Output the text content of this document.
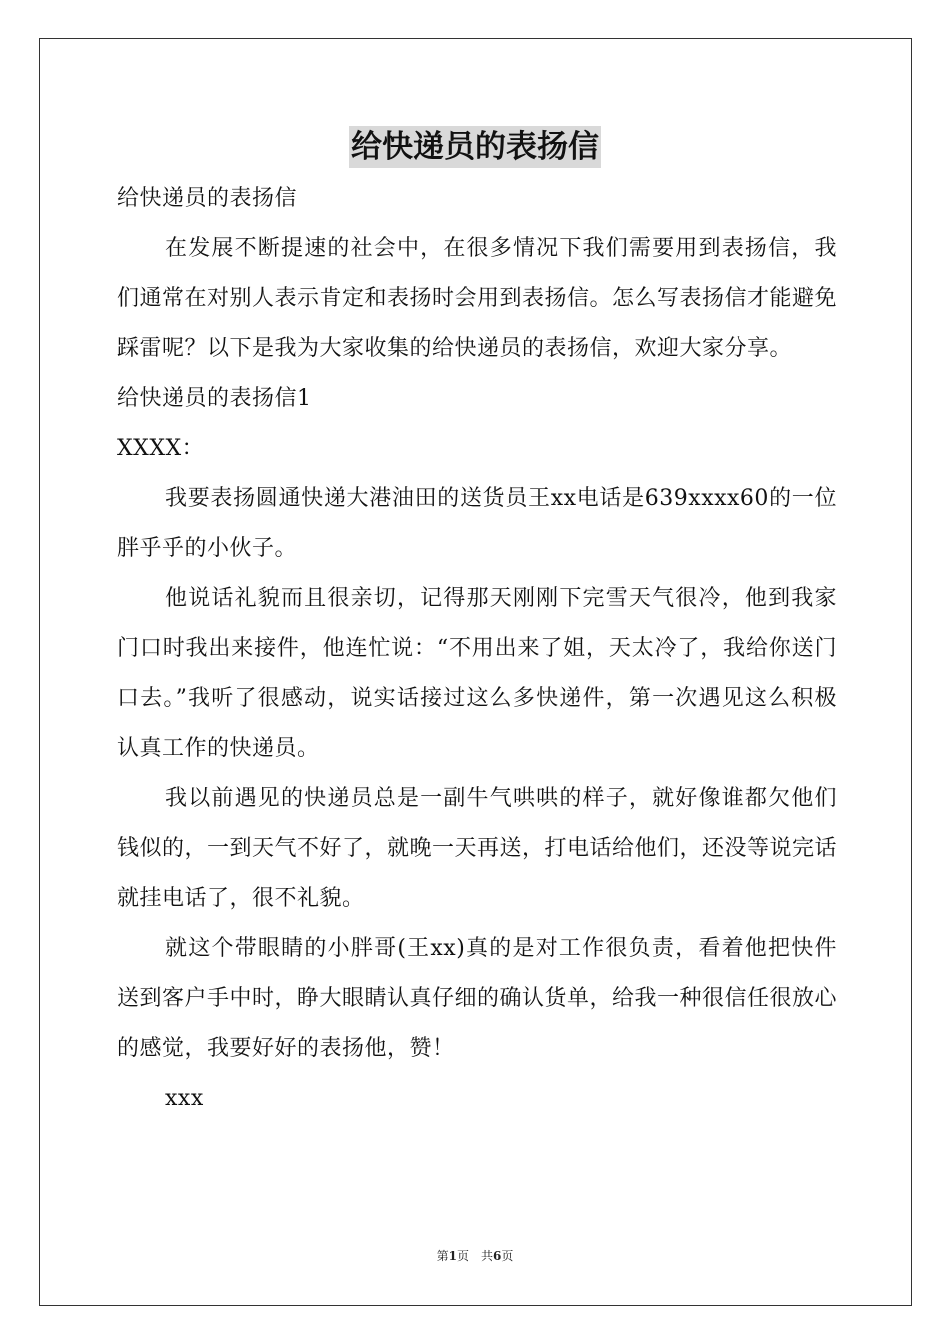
给快递员的表扬信

给快递员的表扬信

在发展不断提速的社会中，在很多情况下我们需要用到表扬信，我们通常在对别人表示肯定和表扬时会用到表扬信。怎么写表扬信才能避免踩雷呢？以下是我为大家收集的给快递员的表扬信，欢迎大家分享。

给快递员的表扬信1

XXXX：

我要表扬圆通快递大港油田的送货员王xx电话是639xxxx60的一位胖乎乎的小伙子。

他说话礼貌而且很亲切，记得那天刚刚下完雪天气很冷，他到我家门口时我出来接件，他连忙说：“不用出来了姐，天太冷了，我给你送门口去。”我听了很感动，说实话接过这么多快递件，第一次遇见这么积极认真工作的快递员。

我以前遇见的快递员总是一副牛气哄哄的样子，就好像谁都欠他们钱似的，一到天气不好了，就晚一天再送，打电话给他们，还没等说完话就挂电话了，很不礼貌。

就这个带眼睛的小胖哥(王xx)真的是对工作很负责，看着他把快件送到客户手中时，睁大眼睛认真仔细的确认货单，给我一种很信任很放心的感觉，我要好好的表扬他，赞！

xxx

第1页 共6页
